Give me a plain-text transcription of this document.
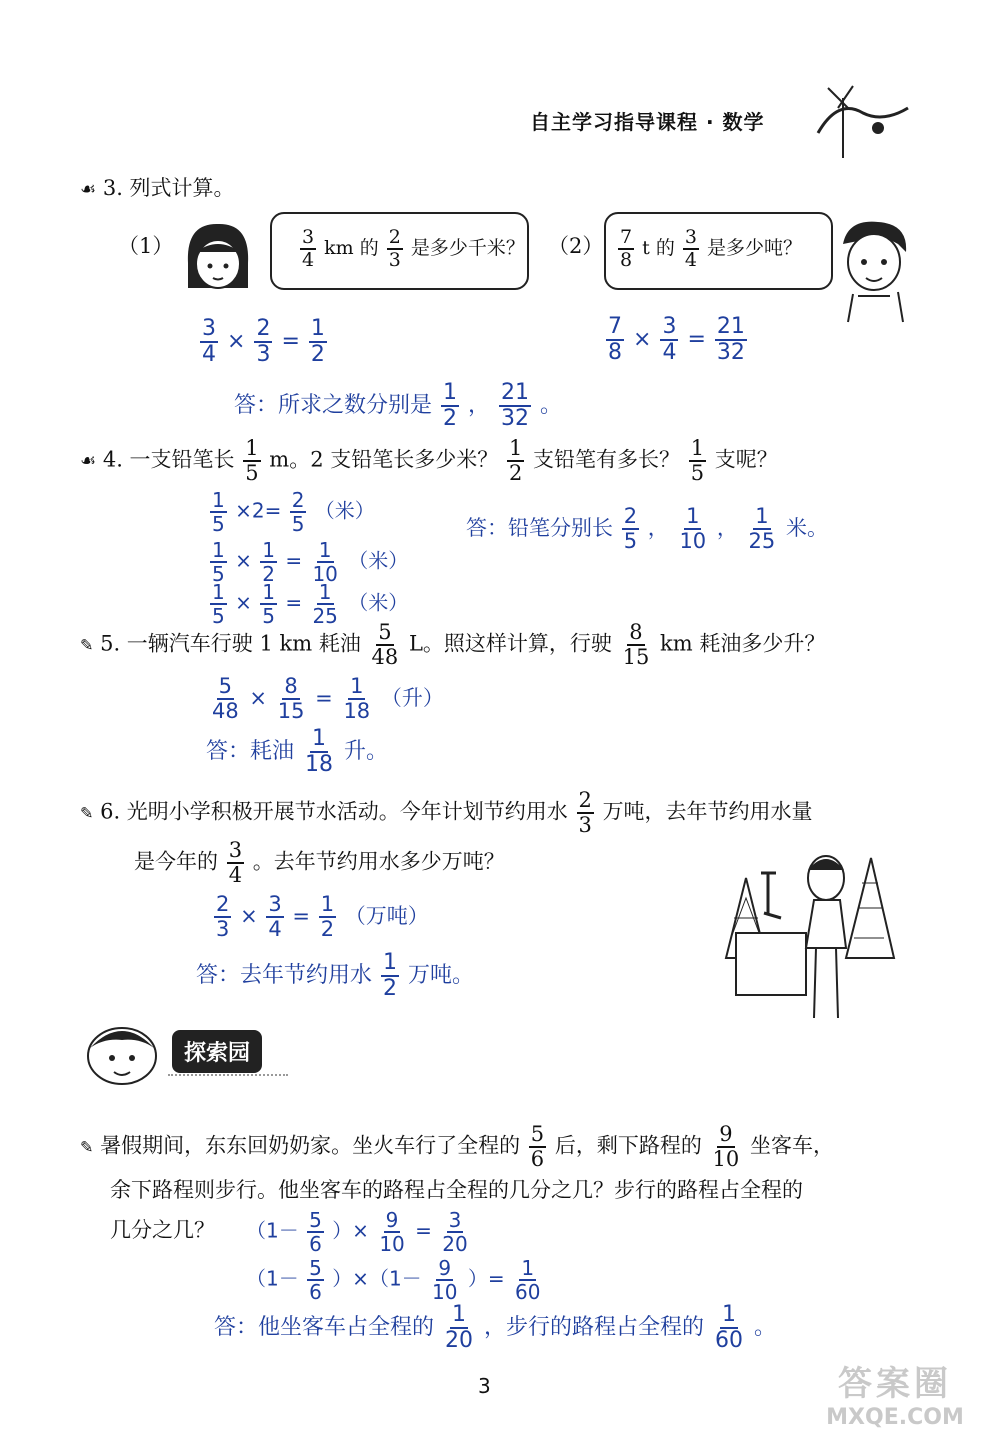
自主学习指导课程 · 数学
☙ 3. 列式计算。
（1）	$\frac{3}{4}$ km 的 $\frac{2}{3}$ 是多少千米？ $(2) \frac{7}{8}$ t 的 $\frac{3}{4}$ 是多少吨？
$\frac{3}{4} \times \frac{2}{3} = \frac{1}{2}$	$\frac{7}{8} \times \frac{3}{4} = \frac{21}{32}$
答：所求之数分别是 $\frac{1}{2}$ ， $\frac{21}{32}$ 。
☙ 4. 一支铅笔长 $\frac{1}{5}$ m。2 支铅笔长多少米？ $\frac{1}{2}$ 支铅笔有多长？ $\frac{1}{5}$ 支呢？
$\frac{1}{5} \times 2= \frac{2}{5}$ （米）
$\frac{1}{5} \times \frac{1}{2} = \frac{1}{10}$ （米）
$\frac{1}{5} \times \frac{1}{5} = \frac{1}{25}$ （米）
答：铅笔分别长 $\frac{2}{5}$ ， $\frac{1}{10}$ ， $\frac{1}{25}$ 米。
✎ 5. 一辆汽车行驶 1 km 耗油 $\frac{5}{48}$ L。照这样计算，行驶 $\frac{8}{15}$ km 耗油多少升？
$\frac{5}{48} \times \frac{8}{15} = \frac{1}{18}$ （升）
答：耗油 $\frac{1}{18}$ 升。
✎ 6. 光明小学积极开展节水活动。今年计划节约用水 $\frac{2}{3}$ 万吨，去年节约用水量
是今年的 $\frac{3}{4}$ 。去年节约用水多少万吨？
$\frac{2}{3} \times \frac{3}{4} = \frac{1}{2}$ （万吨）
答：去年节约用水 $\frac{1}{2}$ 万吨。
探索园
✎ 暑假期间，东东回奶奶家。坐火车行了全程的 $\frac{5}{6}$ 后，剩下路程的 $\frac{9}{10}$ 坐客车，
余下路程则步行。他坐客车的路程占全程的几分之几？步行的路程占全程的
几分之几？ （$1- \frac{5}{6}$ ）× $\frac{9}{10} = \frac{3}{20}$
$(1- \frac{5}{6} )\times(1- \frac{9}{10}$ ）= $\frac{1}{60}$
答：他坐客车占全程的 $\frac{1}{20}$ ，步行的路程占全程的 $\frac{1}{60}$ 。
3	答案圈
MXQE.COM
